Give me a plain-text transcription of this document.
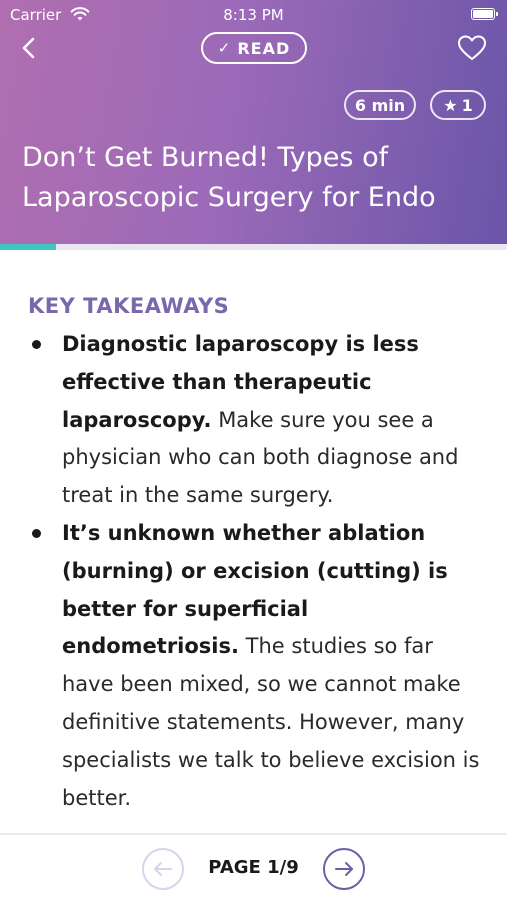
Carrier	8:13 PM
✓ READ
6 min	★ 1
Don’t Get Burned! Types of Laparoscopic Surgery for Endo
KEY TAKEAWAYS
Diagnostic laparoscopy is less effective than therapeutic laparoscopy. Make sure you see a physician who can both diagnose and treat in the same surgery.
It’s unknown whether ablation (burning) or excision (cutting) is better for superficial endometriosis. The studies so far have been mixed, so we cannot make definitive statements. However, many specialists we talk to believe excision is better.
PAGE 1/9
